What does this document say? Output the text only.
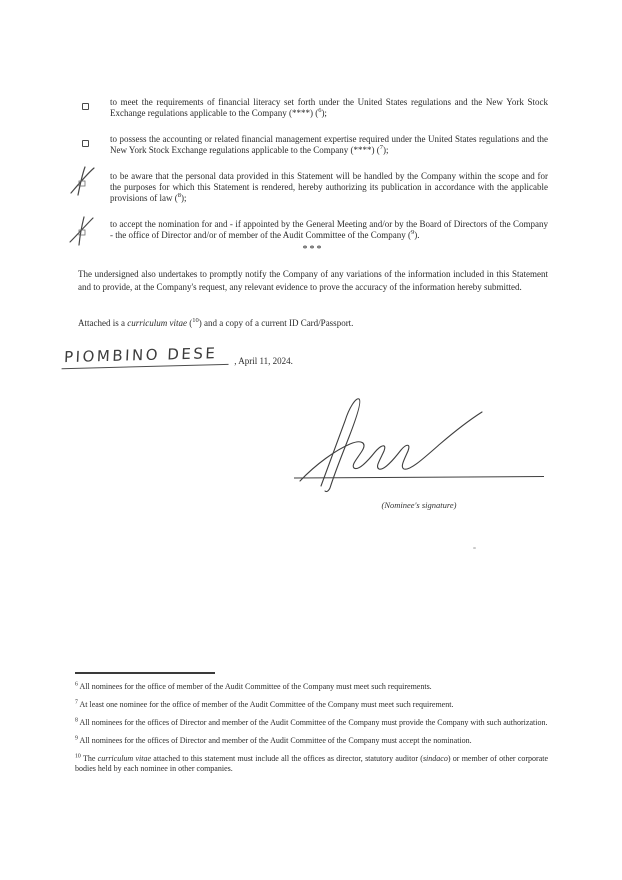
to meet the requirements of financial literacy set forth under the United States regulations and the New York Stock Exchange regulations applicable to the Company (****) ($^6$);
to possess the accounting or related financial management expertise required under the United States regulations and the New York Stock Exchange regulations applicable to the Company (****) ($^7$);
to be aware that the personal data provided in this Statement will be handled by the Company within the scope and for the purposes for which this Statement is rendered, hereby authorizing its publication in accordance with the applicable provisions of law ($^8$);
to accept the nomination for and - if appointed by the General Meeting and/or by the Board of Directors of the Company - the office of Director and/or of member of the Audit Committee of the Company ($^9$).
***

The undersigned also undertakes to promptly notify the Company of any variations of the information included in this Statement and to provide, at the Company's request, any relevant evidence to prove the accuracy of the information hereby submitted.

Attached is a curriculum vitae ($^{10}$) and a copy of a current ID Card/Passport.

PIOMBINO DESE	, April 11, 2024.
(Nominee's signature)

$^6$ All nominees for the office of member of the Audit Committee of the Company must meet such requirements.

$^7$ At least one nominee for the office of member of the Audit Committee of the Company must meet such requirement.

$^8$ All nominees for the offices of Director and member of the Audit Committee of the Company must provide the Company with such authorization.

$^9$ All nominees for the offices of Director and member of the Audit Committee of the Company must accept the nomination.

$^{10}$ The curriculum vitae attached to this statement must include all the offices as director, statutory auditor (sindaco) or member of other corporate bodies held by each nominee in other companies.
